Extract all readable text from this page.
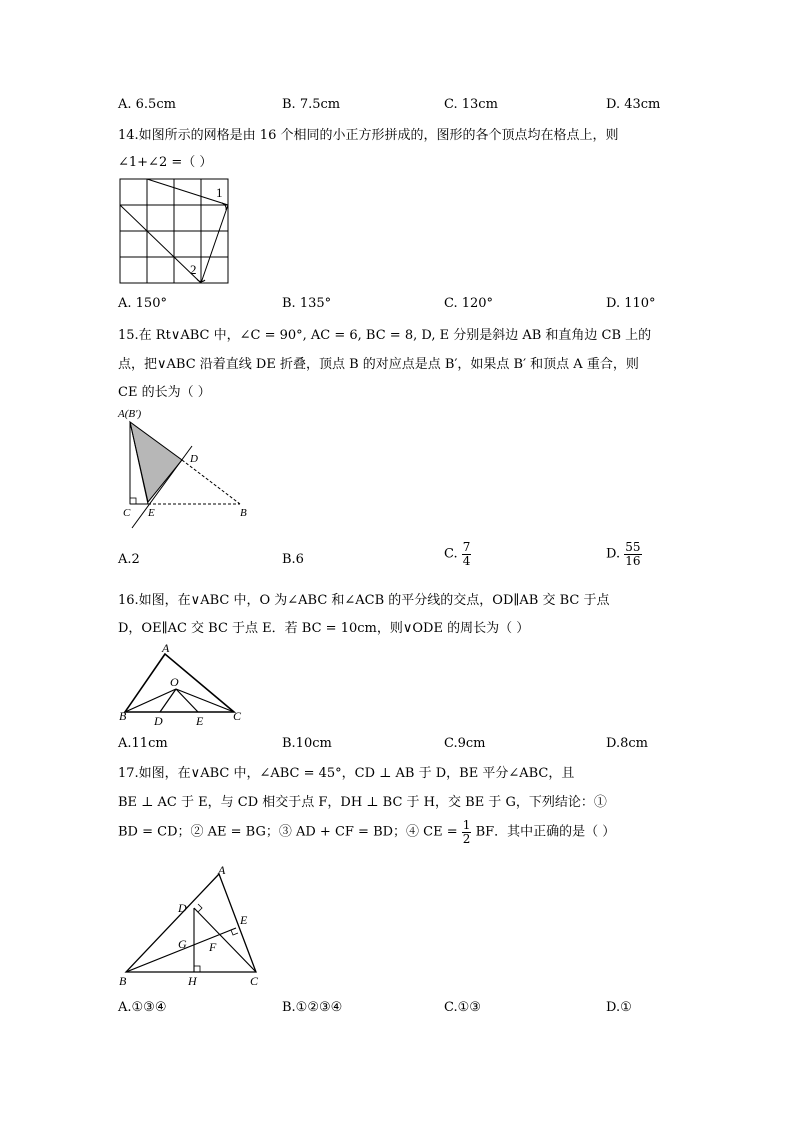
A. 6.5cm	B. 7.5cm	C. 13cm	D. 43cm
14.如图所示的网格是由 16 个相同的小正方形拼成的，图形的各个顶点均在格点上，则
∠1+∠2 =（ ）
1
2
A. 150°	B. 135°	C. 120°	D. 110°
15.在 Rt∨ABC 中，∠C = 90°, AC = 6, BC = 8, D, E 分别是斜边 AB 和直角边 CB 上的
点，把∨ABC 沿着直线 DE 折叠，顶点 B 的对应点是点 B′，如果点 B′ 和顶点 A 重合，则
CE 的长为（ ）
A(B′)
D
C E	B
A.2	B.6	C. $\frac{7}{4}$	D. $\frac{55}{16}$
16.如图，在∨ABC 中，O 为∠ABC 和∠ACB 的平分线的交点，OD∥AB 交 BC 于点
D，OE∥AC 交 BC 于点 E．若 BC = 10cm，则∨ODE 的周长为（ ）
A
O
B D	E C
A.11cm	B.10cm	C.9cm	D.8cm
17.如图，在∨ABC 中，∠ABC = 45°，CD ⊥ AB 于 D，BE 平分∠ABC，且
BE ⊥ AC 于 E，与 CD 相交于点 F，DH ⊥ BC 于 H，交 BE 于 G，下列结论：①
BD = CD；② AE = BG；③ AD + CF = BD；④ CE = $\frac{1}{2}$ BF．其中正确的是（ ）
A
D
E
G F
B	H	C
A.①③④	B.①②③④	C.①③	D.①
